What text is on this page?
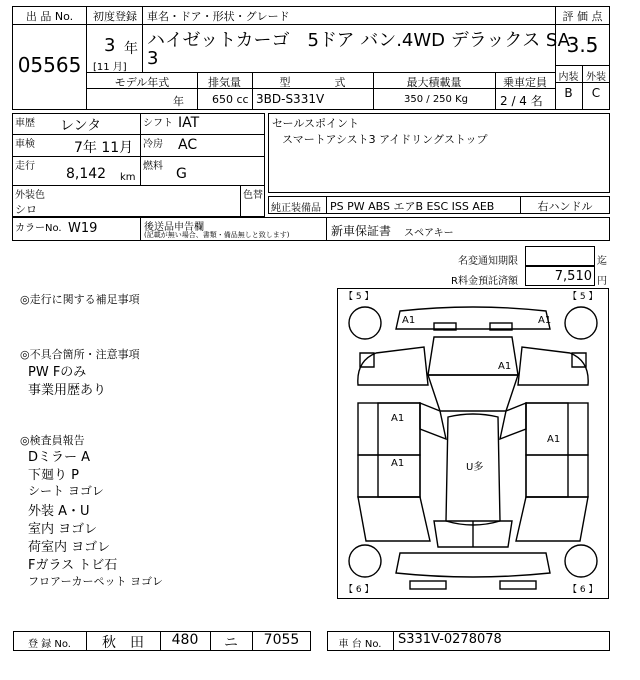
出 品 No.
05565
初度登録
3 年
[11 月]
車名・ドア・形状・グレード
ハイゼットカーゴ　5ドア バン.4WD デラックス SA
3
評 価 点
3.5
内装 外装
B	C
モデル年式	排気量	型　　　　式	最大積載量	乗車定員
年	650 cc 3BD-S331V	350 / 250 Kg	2 / 4 名
車歴 レンタ	シフト IAT
車検	7年 11月 冷房 AC
走行 8,142 km
燃料 G
外装色
シロ
色替
セールスポイント
スマートアシスト3 アイドリングストップ
純正装備品 PS PW ABS エアB ESC ISS AEB	右ハンドル
カラーNo. W19	後送品申告欄
(記載が無い場合、書類・備品無しと致します)	新車保証書 スペアキー
名変通知期限	迄
R料金預託済額	7,510 円
◎走行に関する補足事項
◎不具合箇所・注意事項
PW Fのみ
事業用歴あり
◎検査員報告
Dミラー A
下廻り P
シート ヨゴレ
外装 A・U
室内 ヨゴレ
荷室内 ヨゴレ
Fガラス トビ石
フロアーカーペット ヨゴレ
【 5 】	【 5 】
【 6 】	【 6 】
A1	A1
A1
A1
A1
A1	U多
登 録 No.	秋　田	480	ニ	7055	車 台 No.	S331V-0278078
